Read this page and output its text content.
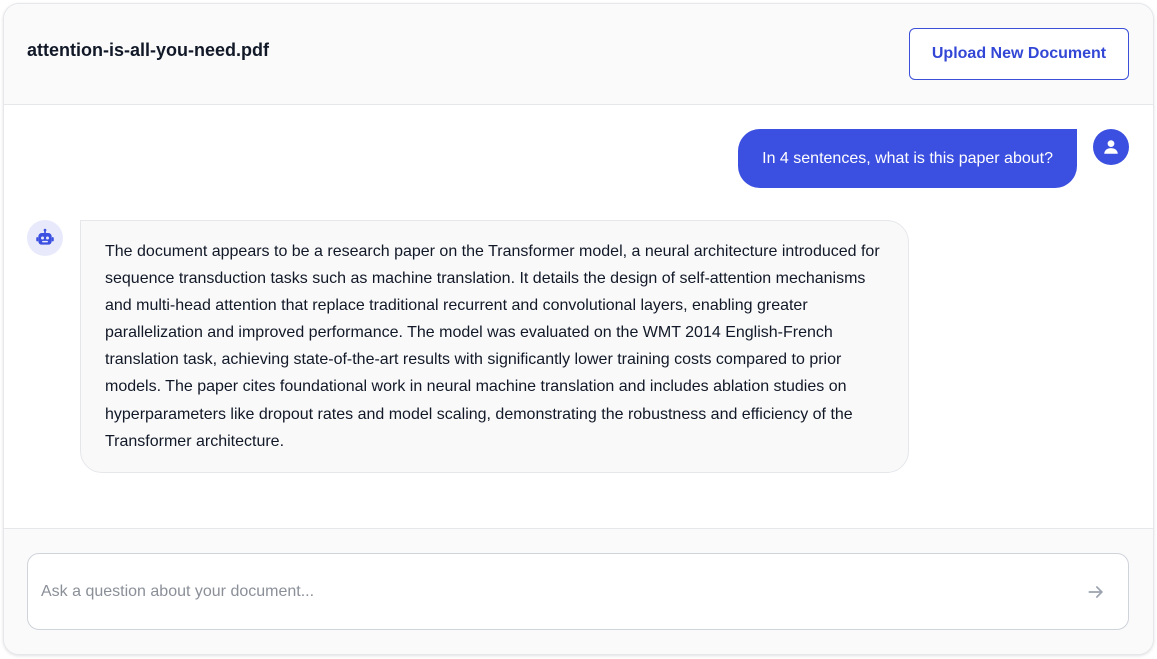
attention-is-all-you-need.pdf	Upload New Document
In 4 sentences, what is this paper about?
The document appears to be a research paper on the Transformer model, a neural architecture introduced for sequence transduction tasks such as machine translation. It details the design of self-attention mechanisms and multi-head attention that replace traditional recurrent and convolutional layers, enabling greater parallelization and improved performance. The model was evaluated on the WMT 2014 English-French translation task, achieving state-of-the-art results with significantly lower training costs compared to prior models. The paper cites foundational work in neural machine translation and includes ablation studies on hyperparameters like dropout rates and model scaling, demonstrating the robustness and efficiency of the Transformer architecture.
Ask a question about your document...
